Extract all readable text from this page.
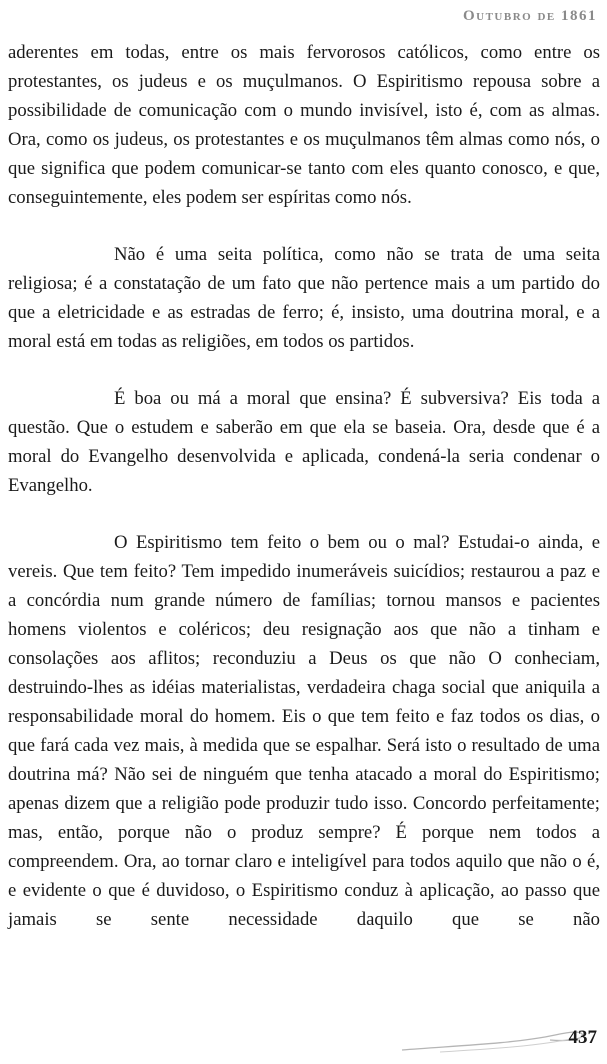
Outubro de 1861

aderentes em todas, entre os mais fervorosos católicos, como entre os protestantes, os judeus e os muçulmanos. O Espiritismo repousa sobre a possibilidade de comunicação com o mundo invisível, isto é, com as almas. Ora, como os judeus, os protestantes e os muçulmanos têm almas como nós, o que significa que podem comunicar-se tanto com eles quanto conosco, e que, conseguintemente, eles podem ser espíritas como nós.

Não é uma seita política, como não se trata de uma seita religiosa; é a constatação de um fato que não pertence mais a um partido do que a eletricidade e as estradas de ferro; é, insisto, uma doutrina moral, e a moral está em todas as religiões, em todos os partidos.

É boa ou má a moral que ensina? É subversiva? Eis toda a questão. Que o estudem e saberão em que ela se baseia. Ora, desde que é a moral do Evangelho desenvolvida e aplicada, condená-la seria condenar o Evangelho.

O Espiritismo tem feito o bem ou o mal? Estudai-o ainda, e vereis. Que tem feito? Tem impedido inumeráveis suicídios; restaurou a paz e a concórdia num grande número de famílias; tornou mansos e pacientes homens violentos e coléricos; deu resignação aos que não a tinham e consolações aos aflitos; reconduziu a Deus os que não O conheciam, destruindo-lhes as idéias materialistas, verdadeira chaga social que aniquila a responsabilidade moral do homem. Eis o que tem feito e faz todos os dias, o que fará cada vez mais, à medida que se espalhar. Será isto o resultado de uma doutrina má? Não sei de ninguém que tenha atacado a moral do Espiritismo; apenas dizem que a religião pode produzir tudo isso. Concordo perfeitamente; mas, então, porque não o produz sempre? É porque nem todos a compreendem. Ora, ao tornar claro e inteligível para todos aquilo que não o é, e evidente o que é duvidoso, o Espiritismo conduz à aplicação, ao passo que jamais se sente necessidade daquilo que se não

437
